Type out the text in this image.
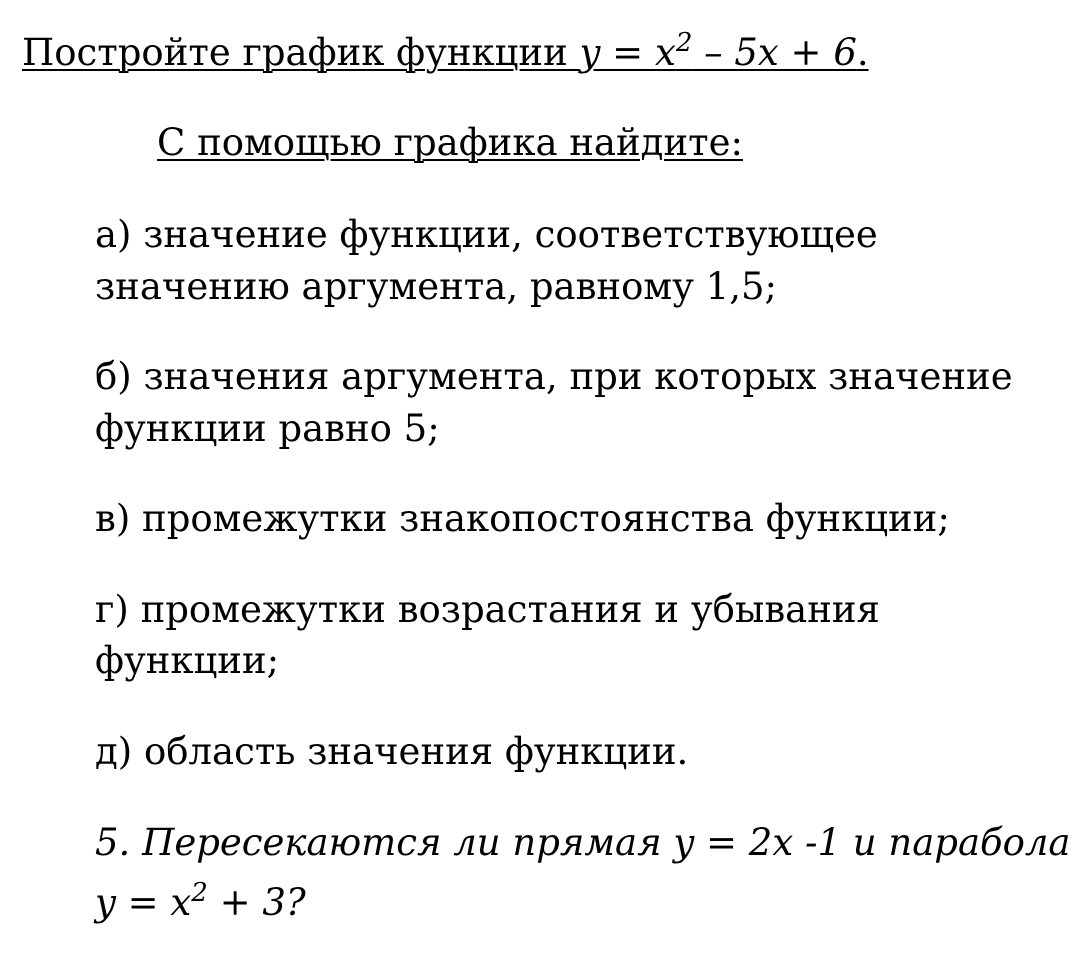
Постройте график функции $y = x^2 - 5x + 6$.
С помощью графика найдите:
а) значение функции, соответствующее
значению аргумента, равному 1,5;
б) значения аргумента, при которых значение
функции равно 5;
в) промежутки знакопостоянства функции;
г) промежутки возрастания и убывания
функции;
д) область значения функции.
5. Пересекаются ли прямая y = 2x -1 и парабола
$y = x^2 + 3$?
